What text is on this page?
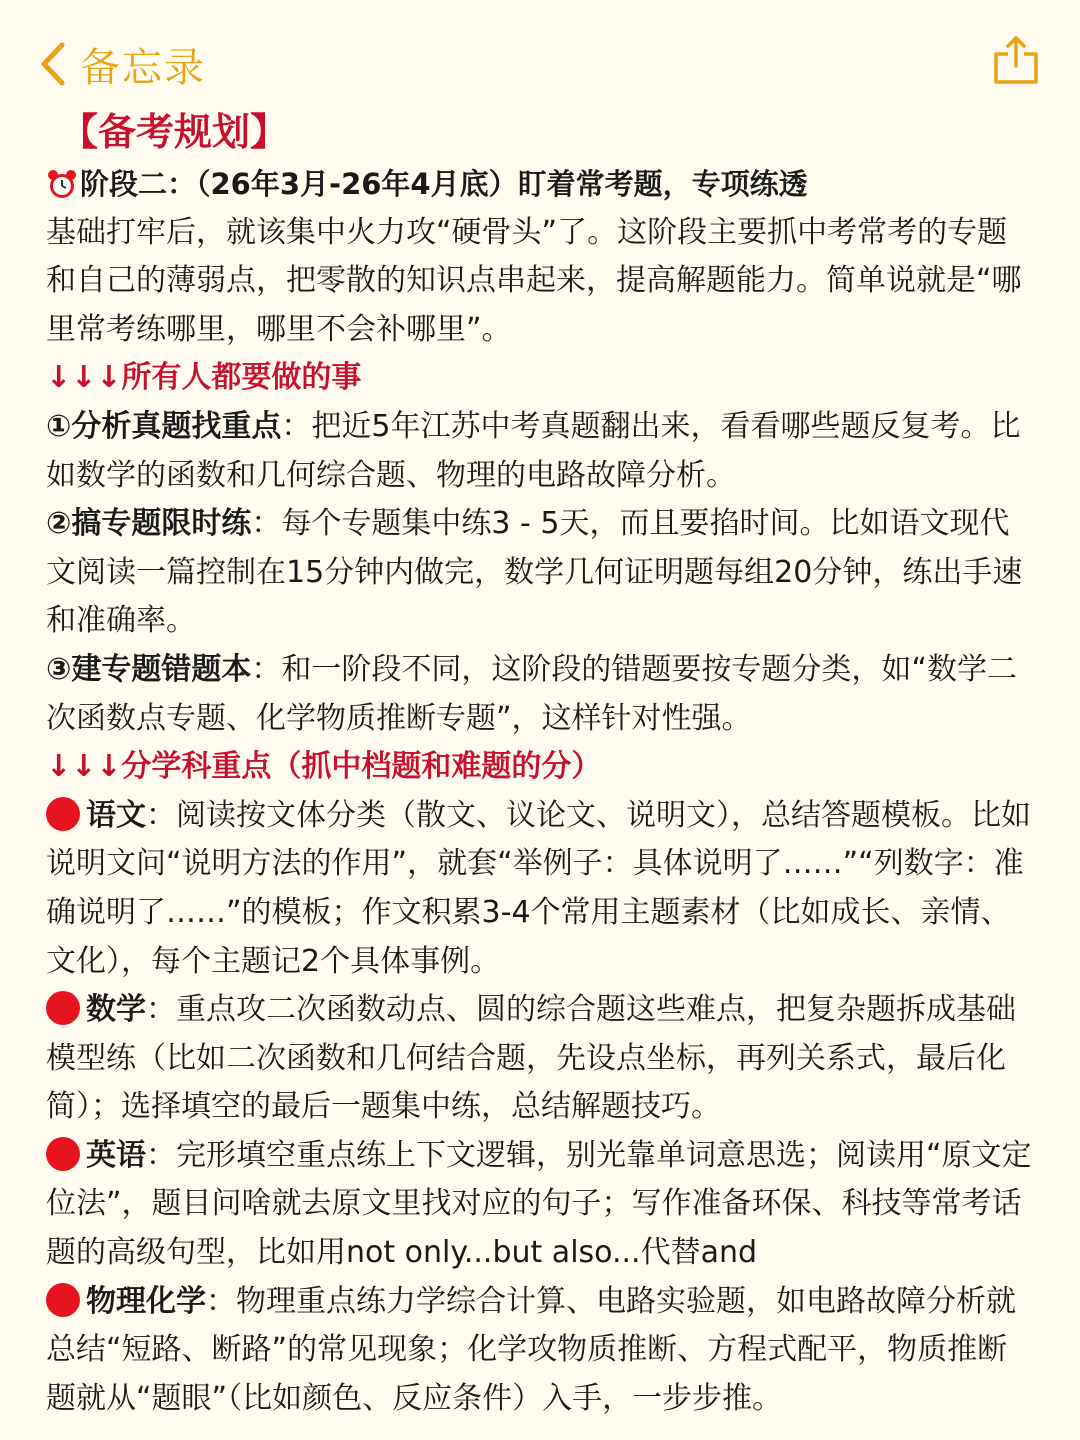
备忘录

【备考规划】

阶段二：（26年3月-26年4月底）盯着常考题，专项练透

基础打牢后，就该集中火力攻“硬骨头”了。这阶段主要抓中考常考的专题和自己的薄弱点，把零散的知识点串起来，提高解题能力。简单说就是“哪里常考练哪里，哪里不会补哪里”。

↓↓↓所有人都要做的事

①分析真题找重点：把近5年江苏中考真题翻出来，看看哪些题反复考。比如数学的函数和几何综合题、物理的电路故障分析。

②搞专题限时练：每个专题集中练3 - 5天，而且要掐时间。比如语文现代文阅读一篇控制在15分钟内做完，数学几何证明题每组20分钟，练出手速和准确率。

③建专题错题本：和一阶段不同，这阶段的错题要按专题分类，如“数学二次函数点专题、化学物质推断专题”，这样针对性强。

↓↓↓分学科重点（抓中档题和难题的分）

语文：阅读按文体分类（散文、议论文、说明文），总结答题模板。比如说明文问“说明方法的作用”，就套“举例子：具体说明了……”“列数字：准确说明了……”的模板；作文积累3-4个常用主题素材（比如成长、亲情、文化），每个主题记2个具体事例。

数学：重点攻二次函数动点、圆的综合题这些难点，把复杂题拆成基础模型练（比如二次函数和几何结合题，先设点坐标，再列关系式，最后化简）；选择填空的最后一题集中练，总结解题技巧。

英语：完形填空重点练上下文逻辑，别光靠单词意思选；阅读用“原文定位法”，题目问啥就去原文里找对应的句子；写作准备环保、科技等常考话题的高级句型，比如用not only...but also...代替and

物理化学：物理重点练力学综合计算、电路实验题，如电路故障分析就总结“短路、断路”的常见现象；化学攻物质推断、方程式配平，物质推断题就从“题眼”（比如颜色、反应条件）入手，一步步推。
